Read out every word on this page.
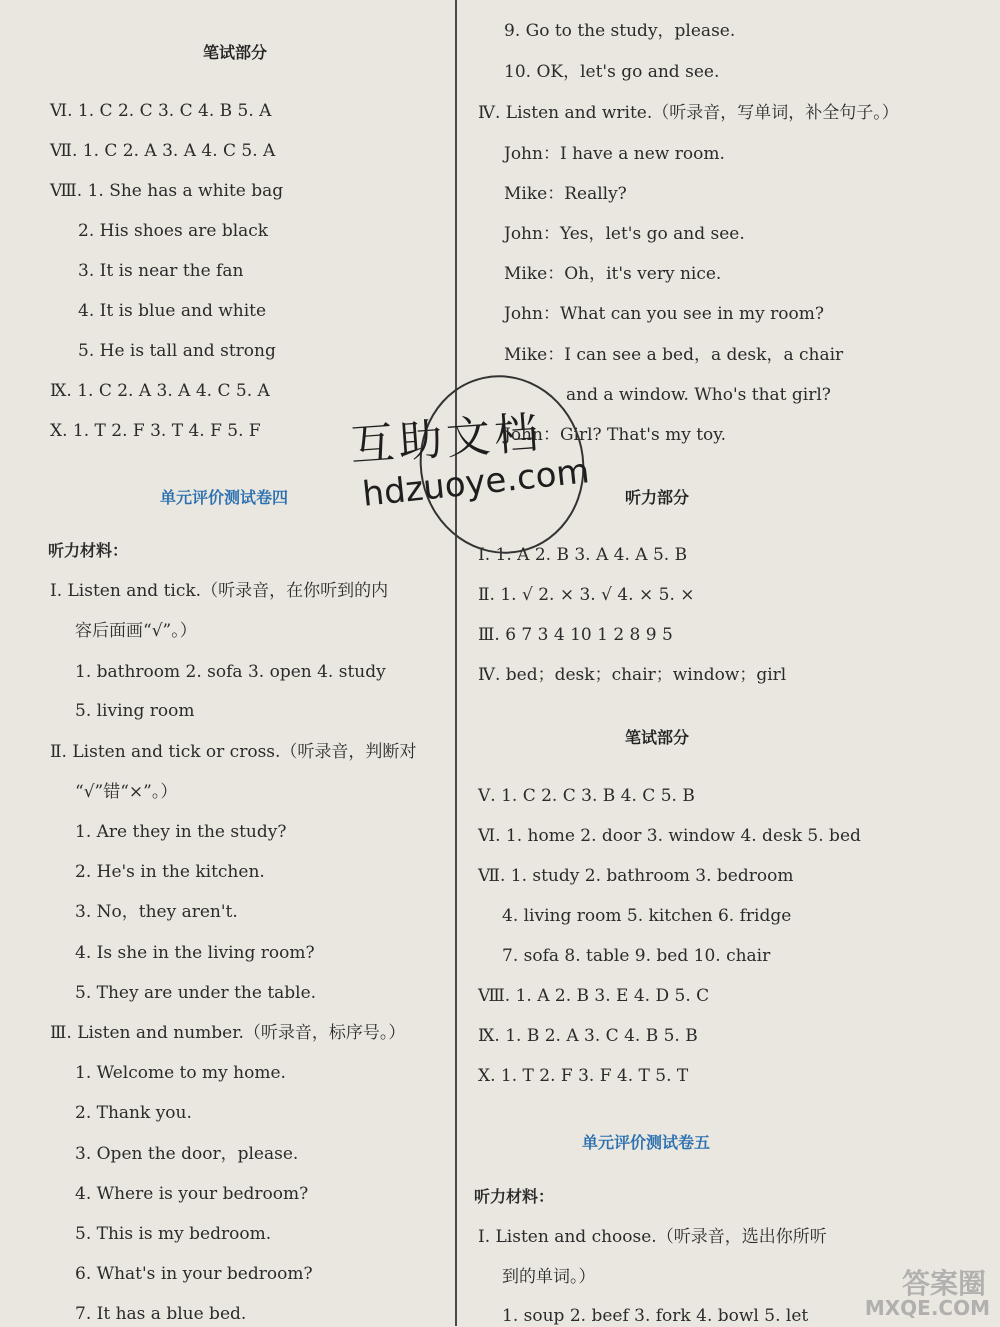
笔试部分
Ⅵ. 1. C 2. C 3. C 4. B 5. A
Ⅶ. 1. C 2. A 3. A 4. C 5. A
Ⅷ. 1. She has a white bag
2. His shoes are black
3. It is near the fan
4. It is blue and white
5. He is tall and strong
Ⅸ. 1. C 2. A 3. A 4. C 5. A
Ⅹ. 1. T 2. F 3. T 4. F 5. F
单元评价测试卷四
听力材料：
Ⅰ. Listen and tick.（听录音，在你听到的内
容后面画“√”。）
1. bathroom 2. sofa 3. open 4. study
5. living room
Ⅱ. Listen and tick or cross.（听录音，判断对
“√”错“×”。）
1. Are they in the study?
2. He's in the kitchen.
3. No，they aren't.
4. Is she in the living room?
5. They are under the table.
Ⅲ. Listen and number.（听录音，标序号。）
1. Welcome to my home.
2. Thank you.
3. Open the door，please.
4. Where is your bedroom?
5. This is my bedroom.
6. What's in your bedroom?
7. It has a blue bed.
9. Go to the study，please.
10. OK，let's go and see.
Ⅳ. Listen and write.（听录音，写单词，补全句子。）
John：I have a new room.
Mike：Really?
John：Yes，let's go and see.
Mike：Oh，it's very nice.
John：What can you see in my room?
Mike：I can see a bed，a desk，a chair
and a window. Who's that girl?
John：Girl? That's my toy.
听力部分
Ⅰ. 1. A 2. B 3. A 4. A 5. B
Ⅱ. 1. √ 2. × 3. √ 4. × 5. ×
Ⅲ. 6 7 3 4 10 1 2 8 9 5
Ⅳ. bed；desk；chair；window；girl
笔试部分
Ⅴ. 1. C 2. C 3. B 4. C 5. B
Ⅵ. 1. home 2. door 3. window 4. desk 5. bed
Ⅶ. 1. study 2. bathroom 3. bedroom
4. living room 5. kitchen 6. fridge
7. sofa 8. table 9. bed 10. chair
Ⅷ. 1. A 2. B 3. E 4. D 5. C
Ⅸ. 1. B 2. A 3. C 4. B 5. B
Ⅹ. 1. T 2. F 3. F 4. T 5. T
单元评价测试卷五
听力材料：
Ⅰ. Listen and choose.（听录音，选出你所听
到的单词。）
1. soup 2. beef 3. fork 4. bowl 5. let
互助文档
hdzuoye.com
答案圈
MXQE.COM
